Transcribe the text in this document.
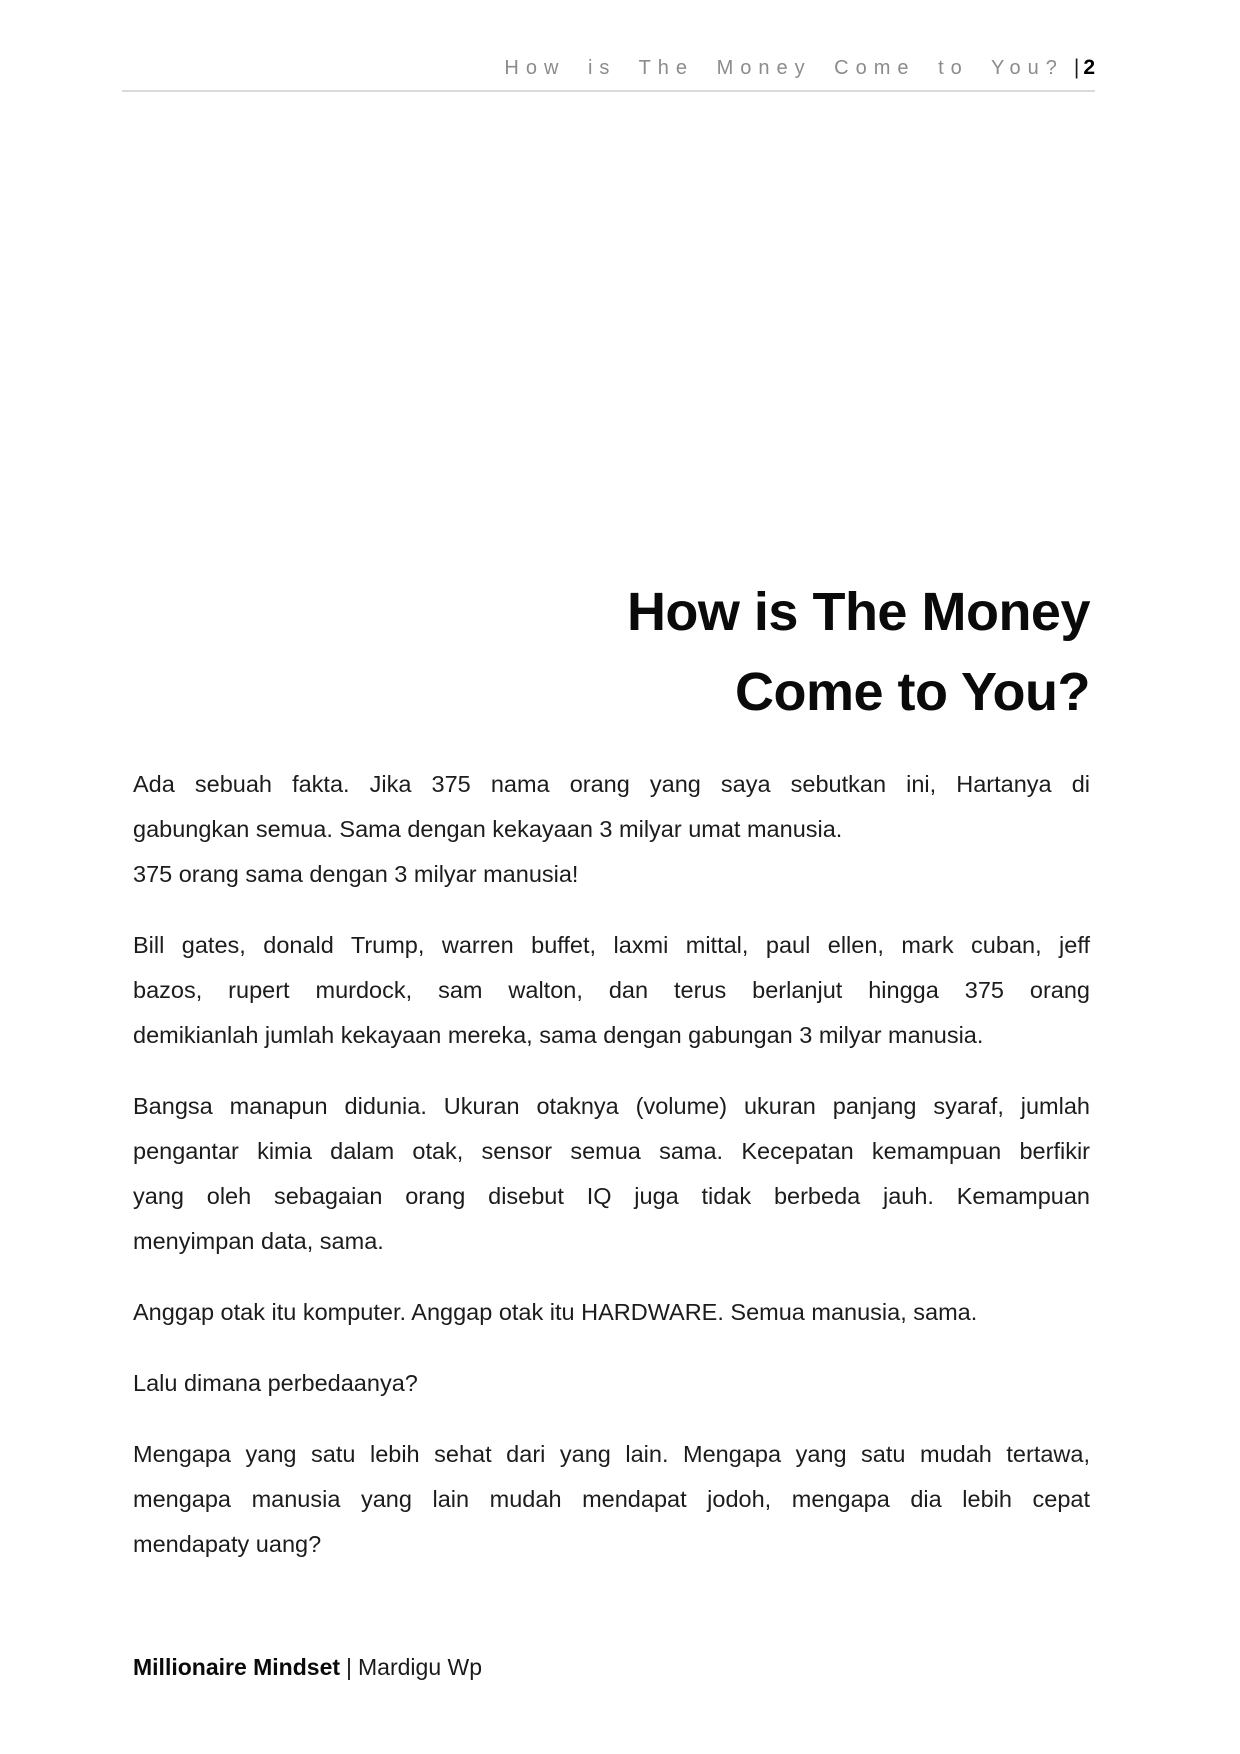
How is The Money Come to You? | 2
How is The Money
Come to You?
Ada sebuah fakta. Jika 375 nama orang yang saya sebutkan ini, Hartanya di
gabungkan semua. Sama dengan kekayaan 3 milyar umat manusia.
375 orang sama dengan 3 milyar manusia!
Bill gates, donald Trump, warren buffet, laxmi mittal, paul ellen, mark cuban, jeff
bazos, rupert murdock, sam walton, dan terus berlanjut hingga 375 orang
demikianlah jumlah kekayaan mereka, sama dengan gabungan 3 milyar manusia.
Bangsa manapun didunia. Ukuran otaknya (volume) ukuran panjang syaraf, jumlah
pengantar kimia dalam otak, sensor semua sama. Kecepatan kemampuan berfikir
yang oleh sebagaian orang disebut IQ juga tidak berbeda jauh. Kemampuan
menyimpan data, sama.
Anggap otak itu komputer. Anggap otak itu HARDWARE. Semua manusia, sama.
Lalu dimana perbedaanya?
Mengapa yang satu lebih sehat dari yang lain. Mengapa yang satu mudah tertawa,
mengapa manusia yang lain mudah mendapat jodoh, mengapa dia lebih cepat
mendapaty uang?
Millionaire Mindset | Mardigu Wp
